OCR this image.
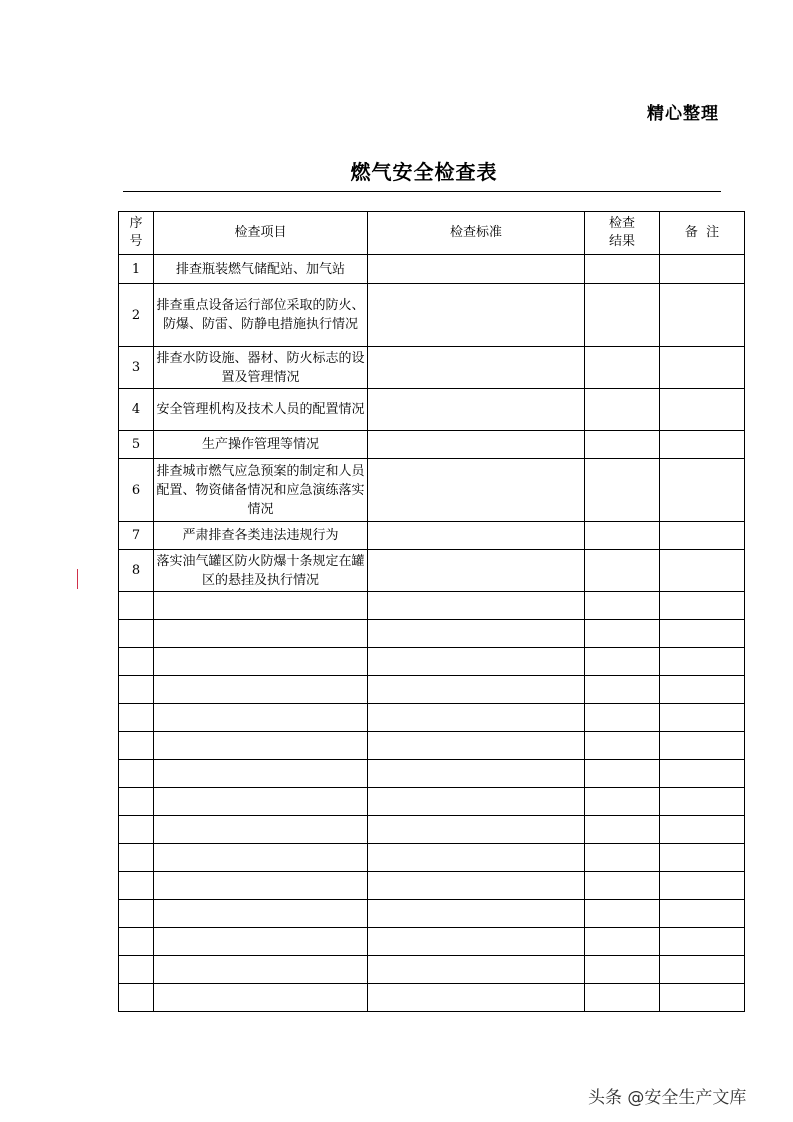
精心整理
燃气安全检查表
序号	检查项目	检查标准	检查结果	备  注
1	排查瓶装燃气储配站、加气站			
2	排查重点设备运行部位采取的防火、防爆、防雷、防静电措施执行情况			
3	排查水防设施、器材、防火标志的设置及管理情况			
4	安全管理机构及技术人员的配置情况			
5	生产操作管理等情况			
6	排查城市燃气应急预案的制定和人员配置、物资储备情况和应急演练落实情况			
7	严肃排查各类违法违规行为			
8	落实油气罐区防火防爆十条规定在罐区的悬挂及执行情况			

头条 @安全生产文库
